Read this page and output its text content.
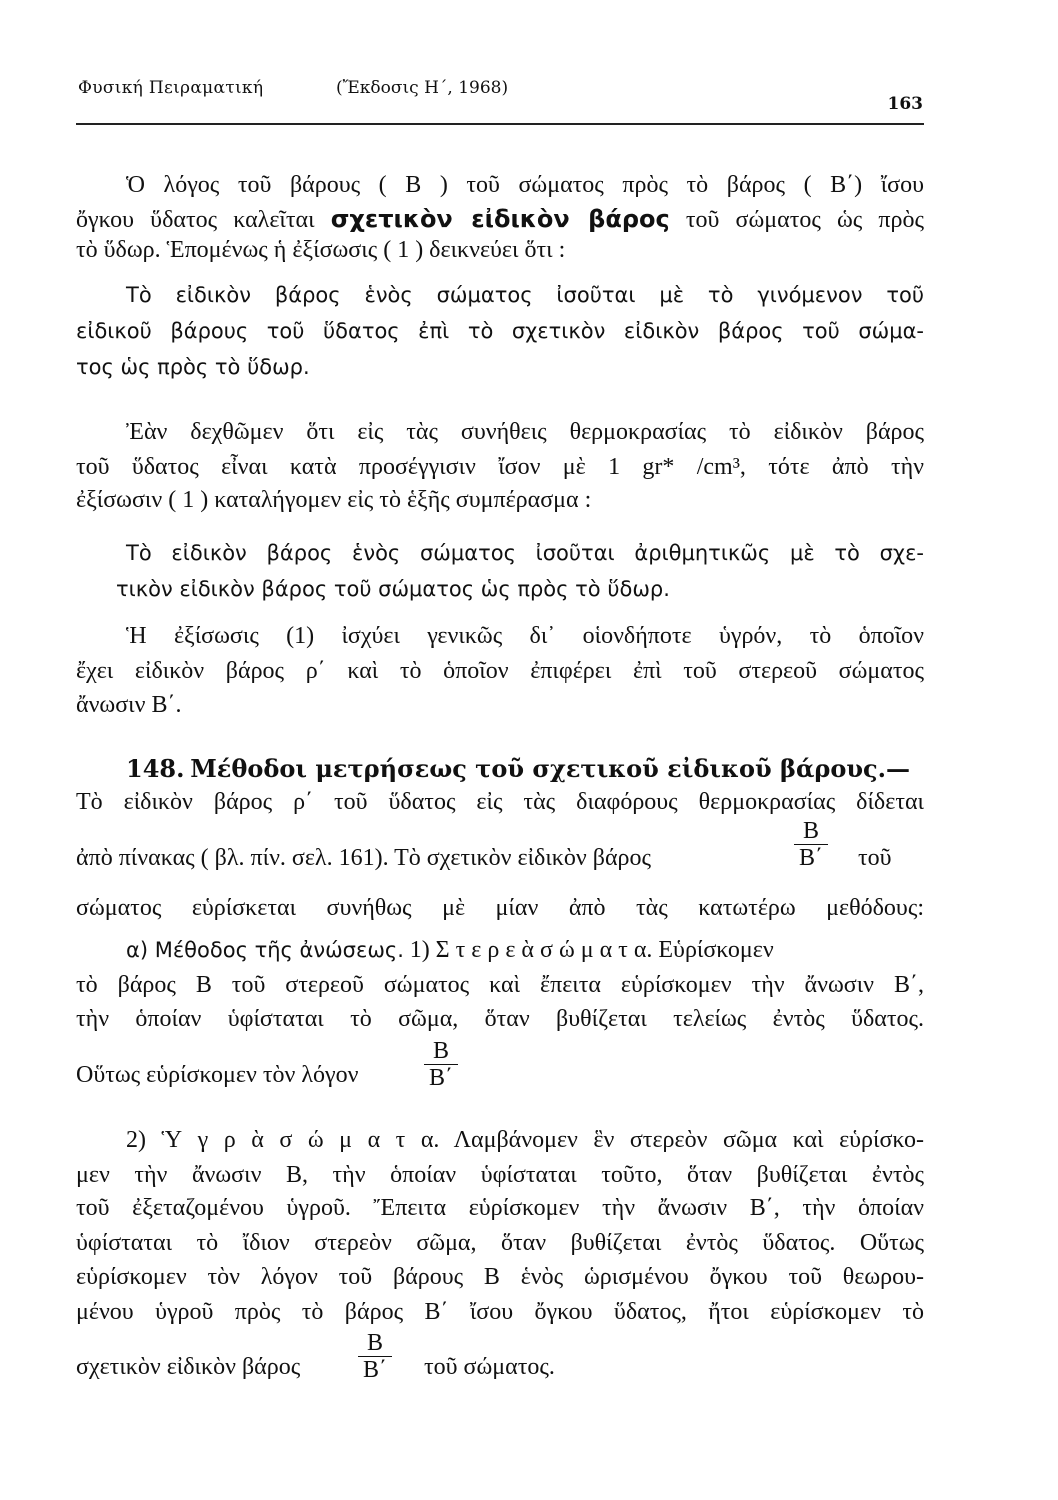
Φυσική Πειραματική	(Ἔκδοσις Η΄, 1968)
163
Ὁ λόγος τοῦ βάρους ( Β ) τοῦ σώματος πρὸς τὸ βάρος ( Β΄) ἴσου
ὄγκου ὕδατος καλεῖται σχετικὸν εἰδικὸν βάρος τοῦ σώματος ὡς πρὸς
τὸ ὕδωρ. Ἑπομένως ἡ ἐξίσωσις ( 1 ) δεικνεύει ὅτι :
Τὸ εἰδικὸν βάρος ἑνὸς σώματος ἰσοῦται μὲ τὸ γινόμενον τοῦ
εἰδικοῦ βάρους τοῦ ὕδατος ἐπὶ τὸ σχετικὸν εἰδικὸν βάρος τοῦ σώμα-
τος ὡς πρὸς τὸ ὕδωρ.
Ἐὰν δεχθῶμεν ὅτι εἰς τὰς συνήθεις θερμοκρασίας τὸ εἰδικὸν βάρος
τοῦ ὕδατος εἶναι κατὰ προσέγγισιν ἴσον μὲ 1 gr* /cm³, τότε ἀπὸ τὴν
ἐξίσωσιν ( 1 ) καταλήγομεν εἰς τὸ ἑξῆς συμπέρασμα :
Τὸ εἰδικὸν βάρος ἑνὸς σώματος ἰσοῦται ἀριθμητικῶς μὲ τὸ σχε-
τικὸν εἰδικὸν βάρος τοῦ σώματος ὡς πρὸς τὸ ὕδωρ.
Ἡ ἐξίσωσις (1) ἰσχύει γενικῶς δι᾽ οἱονδήποτε ὑγρόν, τὸ ὁποῖον
ἔχει εἰδικὸν βάρος ρ΄ καὶ τὸ ὁποῖον ἐπιφέρει ἐπὶ τοῦ στερεοῦ σώματος
ἄνωσιν Β΄.
148. Μέθοδοι μετρήσεως τοῦ σχετικοῦ εἰδικοῦ βάρους.—
Τὸ εἰδικὸν βάρος ρ΄ τοῦ ὕδατος εἰς τὰς διαφόρους θερμοκρασίας δίδεται
ἀπὸ πίνακας ( βλ. πίν. σελ. 161). Τὸ σχετικὸν εἰδικὸν βάρος	$\frac{B}{B΄}$ τοῦ
σώματος εὑρίσκεται συνήθως μὲ μίαν ἀπὸ τὰς κατωτέρω μεθόδους:
α) Μέθοδος τῆς ἀνώσεως. 1) Σ τ ε ρ ε ὰ σ ώ μ α τ α. Εὑρίσκομεν
τὸ βάρος Β τοῦ στερεοῦ σώματος καὶ ἔπειτα εὑρίσκομεν τὴν ἄνωσιν Β΄,
τὴν ὁποίαν ὑφίσταται τὸ σῶμα, ὅταν βυθίζεται τελείως ἐντὸς ὕδατος.
Οὕτως εὑρίσκομεν τὸν λόγον	$\frac{B}{B΄}$
2) Ὑ γ ρ ὰ σ ώ μ α τ α. Λαμβάνομεν ἓν στερεὸν σῶμα καὶ εὑρίσκο-
μεν τὴν ἄνωσιν Β, τὴν ὁποίαν ὑφίσταται τοῦτο, ὅταν βυθίζεται ἐντὸς
τοῦ ἐξεταζομένου ὑγροῦ. Ἔπειτα εὑρίσκομεν τὴν ἄνωσιν Β΄, τὴν ὁποίαν
ὑφίσταται τὸ ἴδιον στερεὸν σῶμα, ὅταν βυθίζεται ἐντὸς ὕδατος. Οὕτως
εὑρίσκομεν τὸν λόγον τοῦ βάρους Β ἑνὸς ὡρισμένου ὄγκου τοῦ θεωρου-
μένου ὑγροῦ πρὸς τὸ βάρος Β΄ ἴσου ὄγκου ὕδατος, ἤτοι εὑρίσκομεν τὸ
σχετικὸν εἰδικὸν βάρος $\frac{B}{B΄}$ τοῦ σώματος.
